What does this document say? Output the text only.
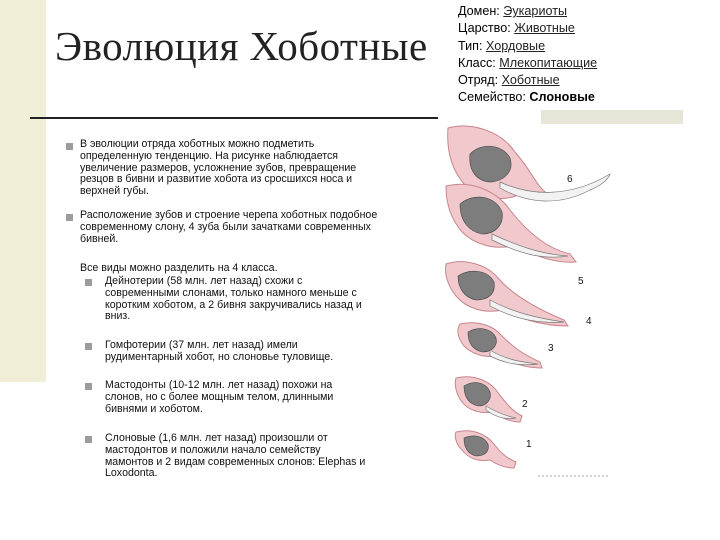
Эволюция Хоботные
Домен: Эукариоты
Царство: Животные
Тип: Хордовые
Класс: Млекопитающие
Отряд: Хоботные
Семейство: Слоновые
В эволюции отряда хоботных можно подметить определенную тенденцию. На рисунке наблюдается увеличение размеров, усложнение зубов, превращение резцов в бивни и развитие хобота из сросшихся носа и верхней губы.
Расположение зубов и строение черепа хоботных подобное современному слону, 4 зуба были зачатками современных бивней.
Все виды можно разделить на 4 класса.
Дейнотерии (58 млн. лет назад) схожи с современными слонами, только намного меньше с коротким хоботом, а 2 бивня закручивались назад и вниз.
Гомфотерии (37 млн. лет назад) имели рудиментарный хобот, но слоновье туловище.
Мастодонты (10-12 млн. лет назад) похожи на слонов, но с более мощным телом, длинными бивнями и хоботом.
Слоновые (1,6 млн. лет назад) произошли от мастодонтов и положили начало семейству мамонтов и 2 видам современных слонов: Elephas и Loxodonta.
6
5
4
3
2
1
